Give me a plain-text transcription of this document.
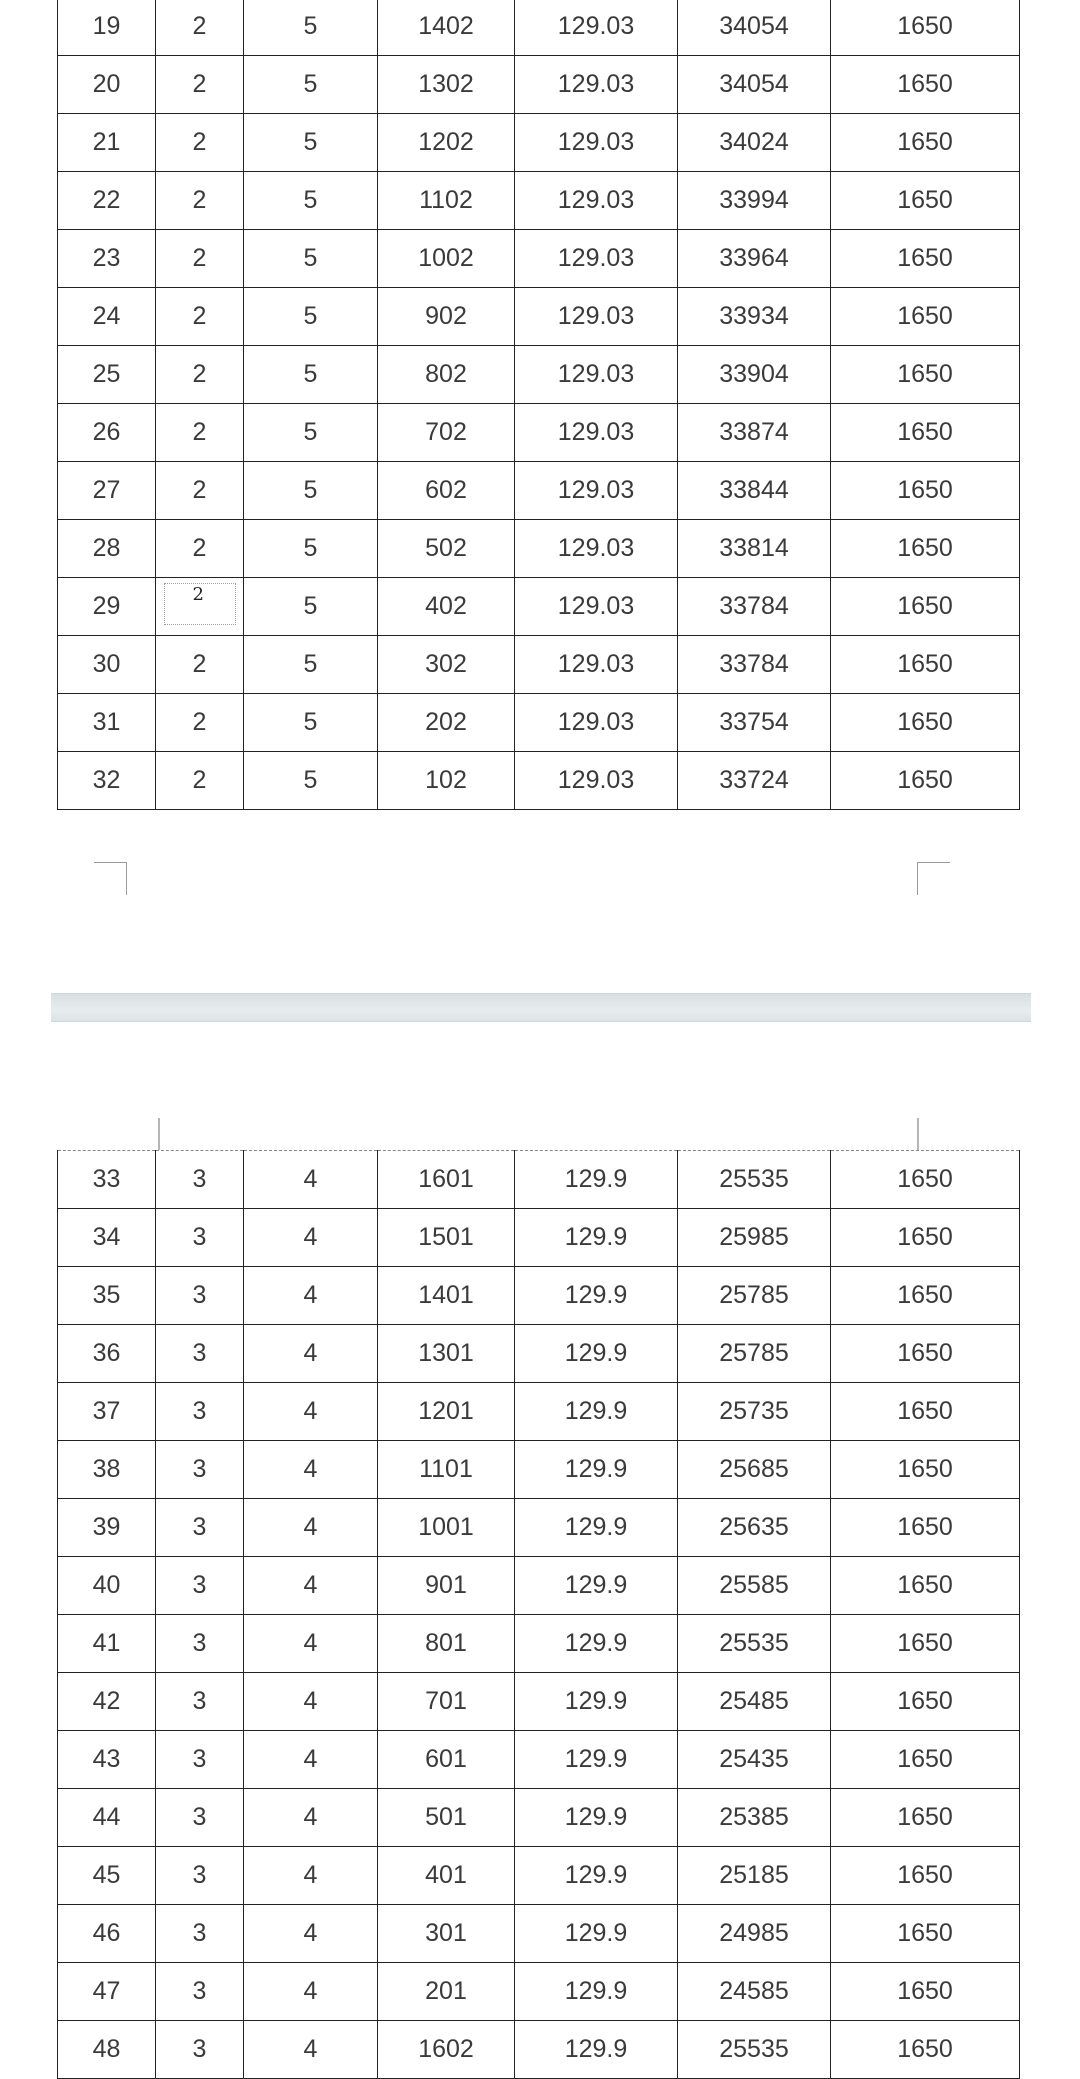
19	2	5	1402	129.03	34054	1650
20	2	5	1302	129.03	34054	1650
21	2	5	1202	129.03	34024	1650
22	2	5	1102	129.03	33994	1650
23	2	5	1002	129.03	33964	1650
24	2	5	902	129.03	33934	1650
25	2	5	802	129.03	33904	1650
26	2	5	702	129.03	33874	1650
27	2	5	602	129.03	33844	1650
28	2	5	502	129.03	33814	1650
29	2	5	402	129.03	33784	1650
30	2	5	302	129.03	33784	1650
31	2	5	202	129.03	33754	1650
32	2	5	102	129.03	33724	1650
33	3	4	1601	129.9	25535	1650
34	3	4	1501	129.9	25985	1650
35	3	4	1401	129.9	25785	1650
36	3	4	1301	129.9	25785	1650
37	3	4	1201	129.9	25735	1650
38	3	4	1101	129.9	25685	1650
39	3	4	1001	129.9	25635	1650
40	3	4	901	129.9	25585	1650
41	3	4	801	129.9	25535	1650
42	3	4	701	129.9	25485	1650
43	3	4	601	129.9	25435	1650
44	3	4	501	129.9	25385	1650
45	3	4	401	129.9	25185	1650
46	3	4	301	129.9	24985	1650
47	3	4	201	129.9	24585	1650
48	3	4	1602	129.9	25535	1650
